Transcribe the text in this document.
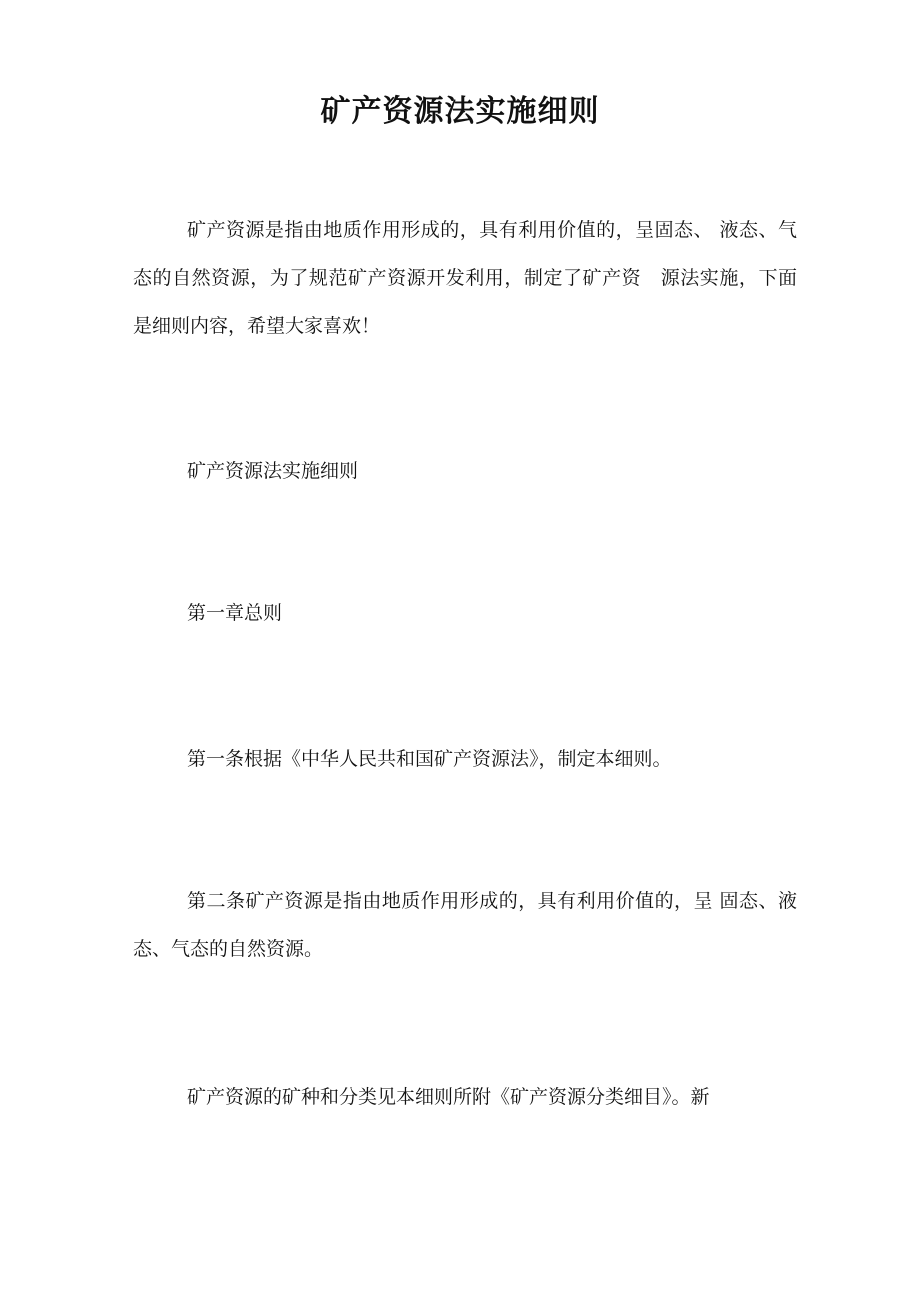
矿产资源法实施细则
矿产资源是指由地质作用形成的，具有利用价值的，呈固态、 液态、气
态的自然资源，为了规范矿产资源开发利用，制定了矿产资　源法实施，下面
是细则内容，希望大家喜欢！
矿产资源法实施细则
第一章总则
第一条根据《中华人民共和国矿产资源法》，制定本细则。
第二条矿产资源是指由地质作用形成的，具有利用价值的，呈 固态、液
态、气态的自然资源。
矿产资源的矿种和分类见本细则所附《矿产资源分类细目》。新
